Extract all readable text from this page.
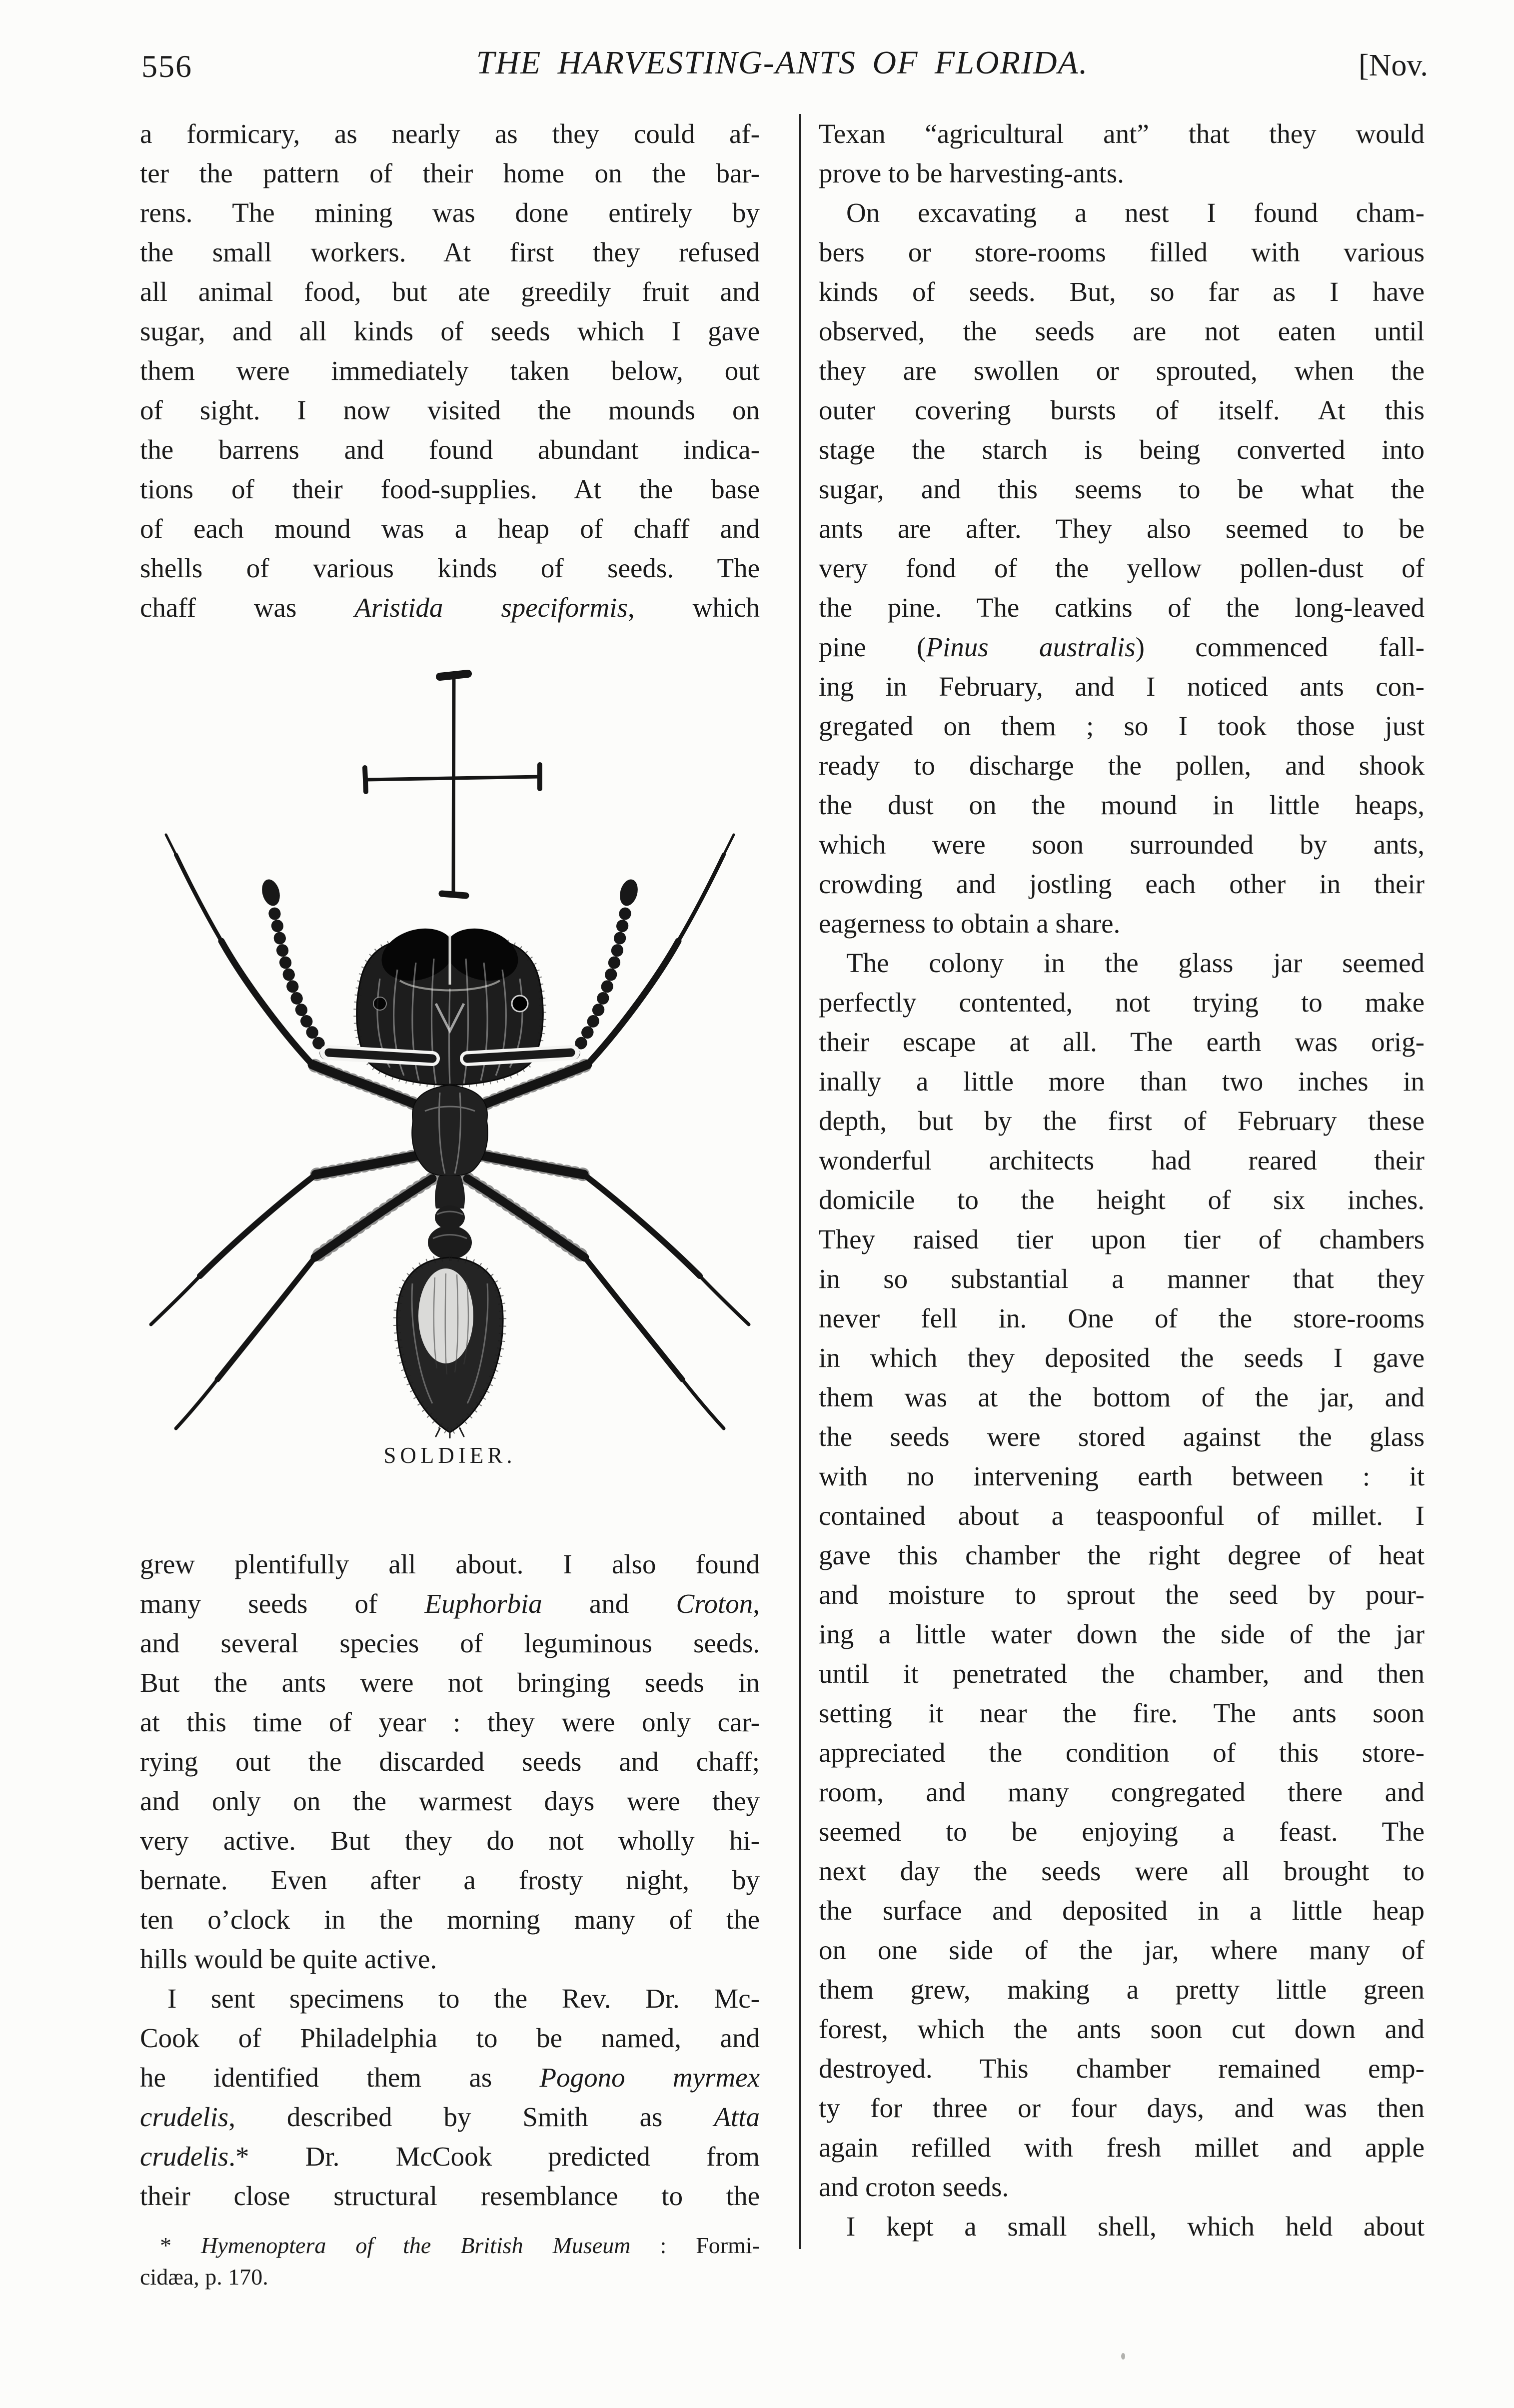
556	THE HARVESTING-ANTS OF FLORIDA.	[Nov.
a formicary, as nearly as they could af-
ter the pattern of their home on the bar-
rens. The mining was done entirely by
the small workers. At first they refused
all animal food, but ate greedily fruit and
sugar, and all kinds of seeds which I gave
them were immediately taken below, out
of sight. I now visited the mounds on
the barrens and found abundant indica-
tions of their food-supplies. At the base
of each mound was a heap of chaff and
shells of various kinds of seeds. The
chaff was Aristida speciformis, which
SOLDIER.
grew plentifully all about. I also found
many seeds of Euphorbia and Croton,
and several species of leguminous seeds.
But the ants were not bringing seeds in
at this time of year : they were only car-
rying out the discarded seeds and chaff;
and only on the warmest days were they
very active. But they do not wholly hi-
bernate. Even after a frosty night, by
ten o’clock in the morning many of the
hills would be quite active.
I sent specimens to the Rev. Dr. Mc-
Cook of Philadelphia to be named, and
he identified them as Pogono myrmex
crudelis, described by Smith as Atta
crudelis.* Dr. McCook predicted from
their close structural resemblance to the
* Hymenoptera of the British Museum : Formi-
cidæa, p. 170.
Texan “agricultural ant” that they would
prove to be harvesting-ants.
On excavating a nest I found cham-
bers or store-rooms filled with various
kinds of seeds. But, so far as I have
observed, the seeds are not eaten until
they are swollen or sprouted, when the
outer covering bursts of itself. At this
stage the starch is being converted into
sugar, and this seems to be what the
ants are after. They also seemed to be
very fond of the yellow pollen-dust of
the pine. The catkins of the long-leaved
pine (Pinus australis) commenced fall-
ing in February, and I noticed ants con-
gregated on them ; so I took those just
ready to discharge the pollen, and shook
the dust on the mound in little heaps,
which were soon surrounded by ants,
crowding and jostling each other in their
eagerness to obtain a share.
The colony in the glass jar seemed
perfectly contented, not trying to make
their escape at all. The earth was orig-
inally a little more than two inches in
depth, but by the first of February these
wonderful architects had reared their
domicile to the height of six inches.
They raised tier upon tier of chambers
in so substantial a manner that they
never fell in. One of the store-rooms
in which they deposited the seeds I gave
them was at the bottom of the jar, and
the seeds were stored against the glass
with no intervening earth between : it
contained about a teaspoonful of millet. I
gave this chamber the right degree of heat
and moisture to sprout the seed by pour-
ing a little water down the side of the jar
until it penetrated the chamber, and then
setting it near the fire. The ants soon
appreciated the condition of this store-
room, and many congregated there and
seemed to be enjoying a feast. The
next day the seeds were all brought to
the surface and deposited in a little heap
on one side of the jar, where many of
them grew, making a pretty little green
forest, which the ants soon cut down and
destroyed. This chamber remained emp-
ty for three or four days, and was then
again refilled with fresh millet and apple
and croton seeds.
I kept a small shell, which held about
